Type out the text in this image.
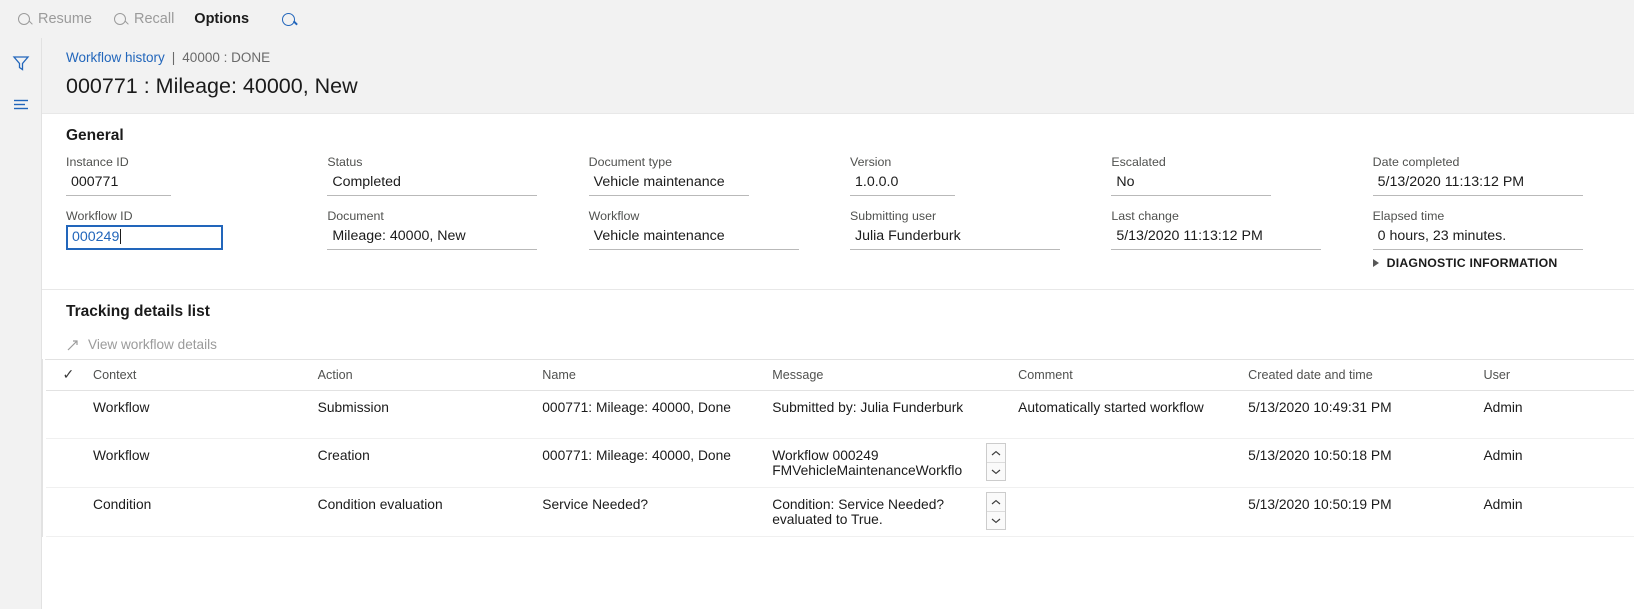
Resume	Recall Options
Workflow history | 40000 : DONE
000771 : Mileage: 40000, New
General
Instance ID
000771
Status
Completed
Document type
Vehicle maintenance
Version
1.0.0.0
Escalated
No
Date completed
5/13/2020 11:13:12 PM
Workflow ID
000249
Document
Mileage: 40000, New
Workflow
Vehicle maintenance
Submitting user
Julia Funderburk
Last change
5/13/2020 11:13:12 PM
Elapsed time
0 hours, 23 minutes.
DIAGNOSTIC INFORMATION
Tracking details list
View workflow details
✓	Context	Action	Name	Message	Comment	Created date and time	User
	Workflow	Submission	000771: Mileage: 40000, Done	Submitted by: Julia Funderburk	Automatically started workflow	5/13/2020 10:49:31 PM	Admin
	Workflow	Creation	000771: Mileage: 40000, Done	Workflow 000249 FMVehicleMaintenanceWorkflo		5/13/2020 10:50:18 PM	Admin
	Condition	Condition evaluation	Service Needed?	Condition: Service Needed? evaluated to True.		5/13/2020 10:50:19 PM	Admin
